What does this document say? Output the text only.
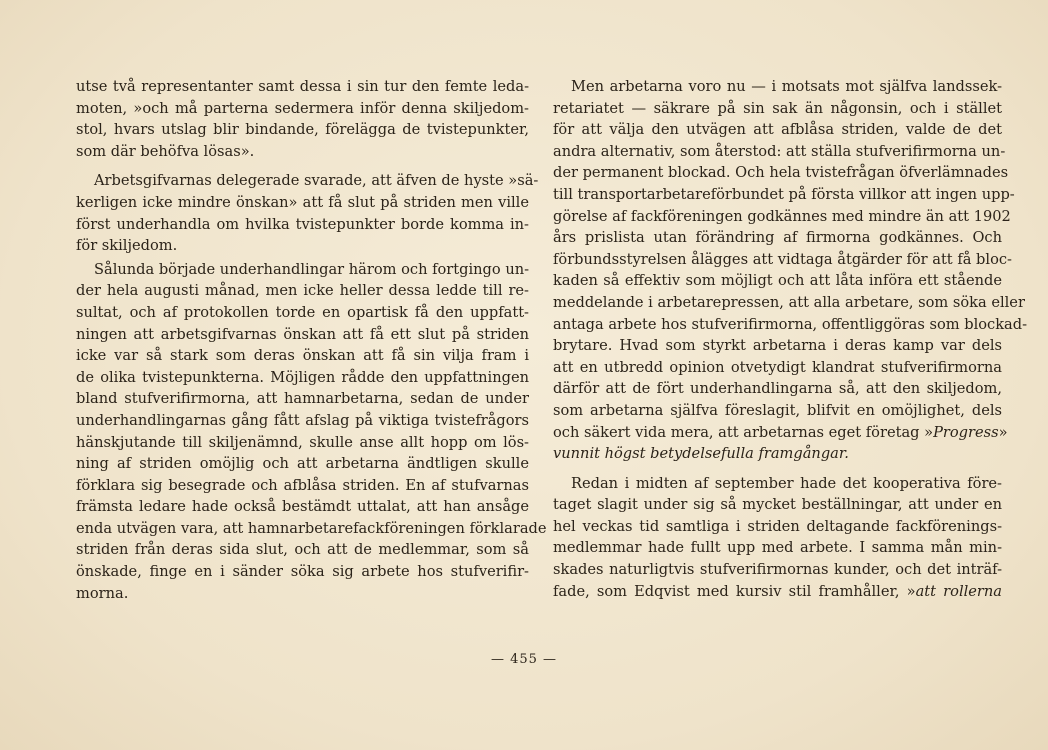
utse två representanter samt dessa i sin tur den femte leda-
moten, »och må parterna sedermera inför denna skiljedom-
stol, hvars utslag blir bindande, förelägga de tvistepunkter,
som där behöfva lösas».
Arbetsgifvarnas delegerade svarade, att äfven de hyste »sä-
kerligen icke mindre önskan» att få slut på striden men ville
först underhandla om hvilka tvistepunkter borde komma in-
för skiljedom.
Sålunda började underhandlingar härom och fortgingo un-
der hela augusti månad, men icke heller dessa ledde till re-
sultat, och af protokollen torde en opartisk få den uppfatt-
ningen att arbetsgifvarnas önskan att få ett slut på striden
icke var så stark som deras önskan att få sin vilja fram i
de olika tvistepunkterna. Möjligen rådde den uppfattningen
bland stufverifirmorna, att hamnarbetarna, sedan de under
underhandlingarnas gång fått afslag på viktiga tvistefrågors
hänskjutande till skiljenämnd, skulle anse allt hopp om lös-
ning af striden omöjlig och att arbetarna ändtligen skulle
förklara sig besegrade och afblåsa striden. En af stufvarnas
främsta ledare hade också bestämdt uttalat, att han ansåge
enda utvägen vara, att hamnarbetarefackföreningen förklarade
striden från deras sida slut, och att de medlemmar, som så
önskade, finge en i sänder söka sig arbete hos stufverifir-
morna.
Men arbetarna voro nu — i motsats mot själfva landssek-
retariatet — säkrare på sin sak än någonsin, och i stället
för att välja den utvägen att afblåsa striden, valde de det
andra alternativ, som återstod: att ställa stufverifirmorna un-
der permanent blockad. Och hela tvistefrågan öfverlämnades
till transportarbetareförbundet på första villkor att ingen upp-
görelse af fackföreningen godkännes med mindre än att 1902
års prislista utan förändring af firmorna godkännes. Och
förbundsstyrelsen ålägges att vidtaga åtgärder för att få bloc-
kaden så effektiv som möjligt och att låta införa ett stående
meddelande i arbetarepressen, att alla arbetare, som söka eller
antaga arbete hos stufverifirmorna, offentliggöras som blockad-
brytare. Hvad som styrkt arbetarna i deras kamp var dels
att en utbredd opinion otvetydigt klandrat stufverifirmorna
därför att de fört underhandlingarna så, att den skiljedom,
som arbetarna själfva föreslagit, blifvit en omöjlighet, dels
och säkert vida mera, att arbetarnas eget företag »Progress»
vunnit högst betydelsefulla framgångar.
Redan i midten af september hade det kooperativa före-
taget slagit under sig så mycket beställningar, att under en
hel veckas tid samtliga i striden deltagande fackförenings-
medlemmar hade fullt upp med arbete. I samma mån min-
skades naturligtvis stufverifirmornas kunder, och det inträf-
fade, som Edqvist med kursiv stil framhåller, »att rollerna
— 455 —
